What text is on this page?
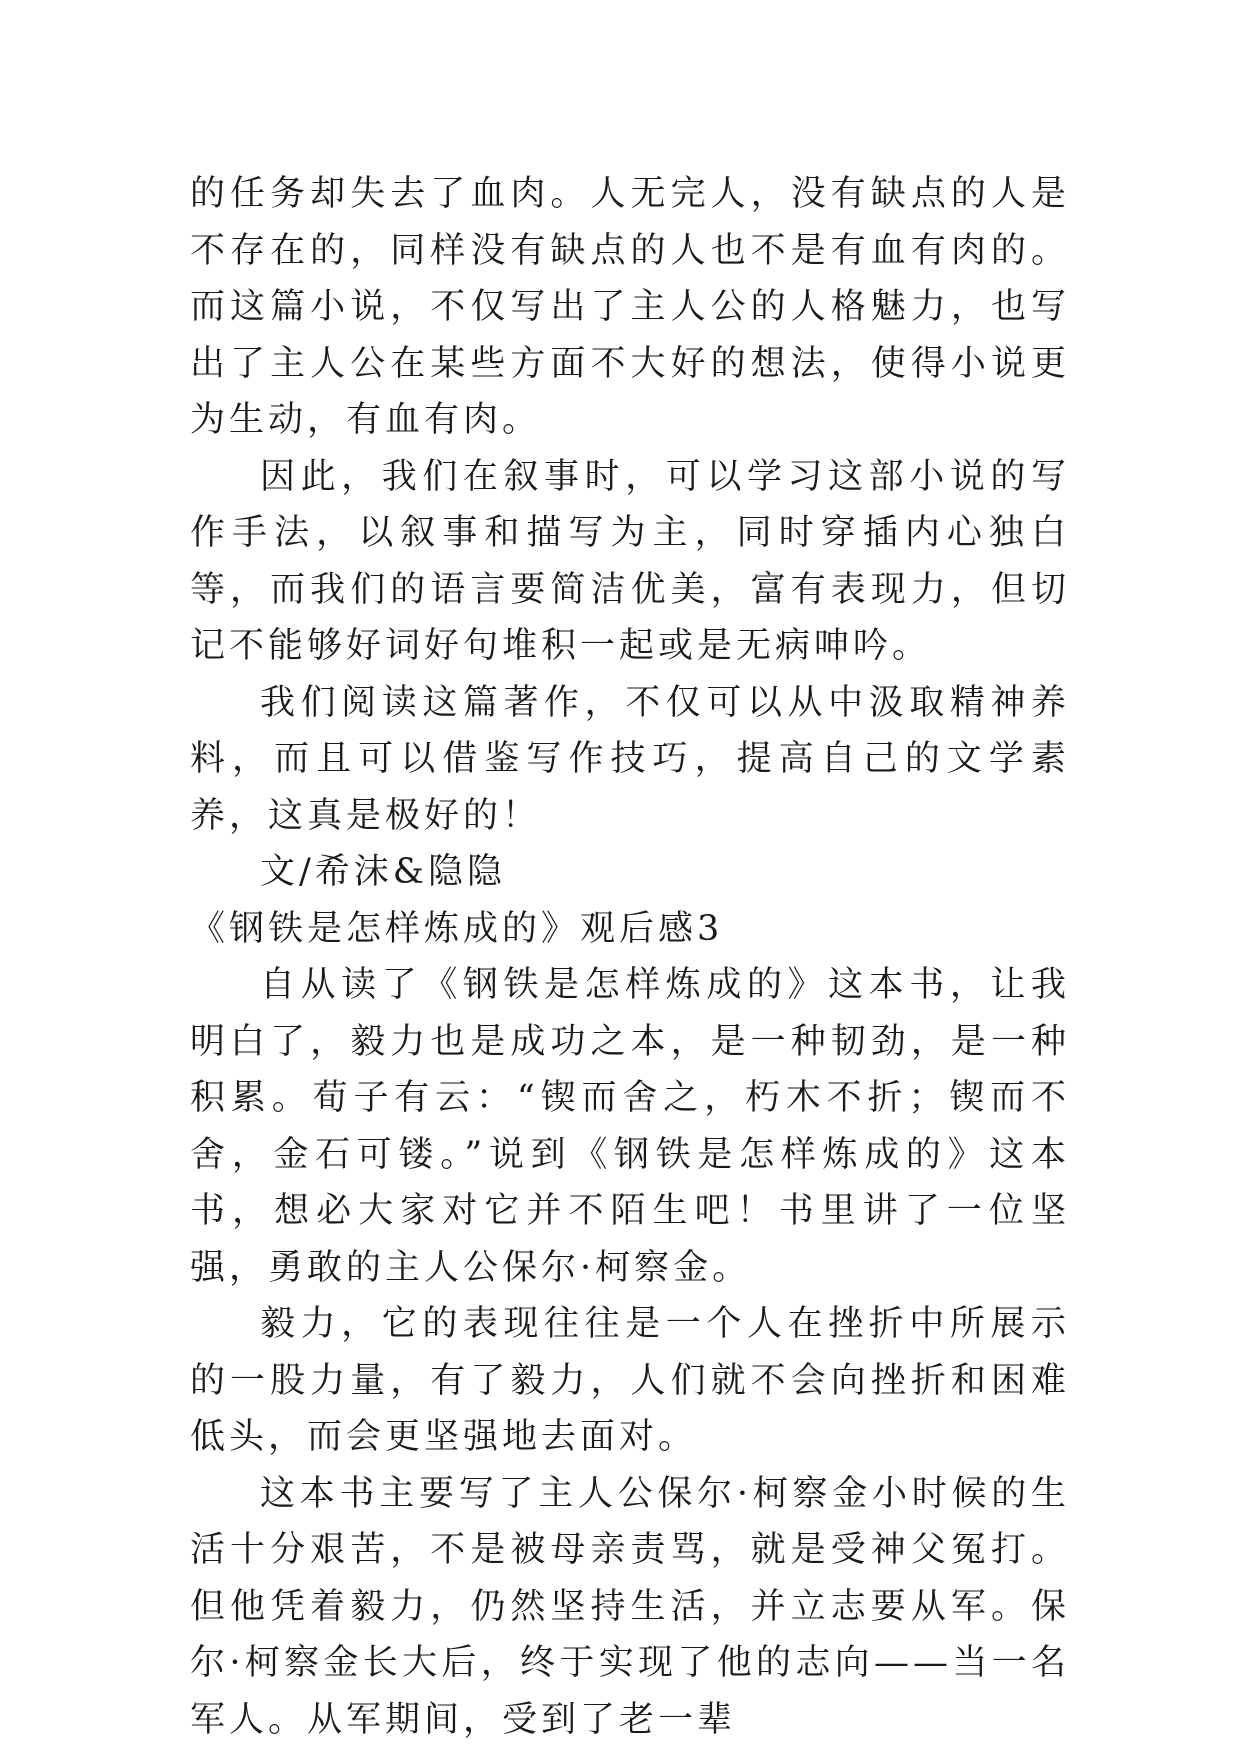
的任务却失去了血肉。人无完人，没有缺点的人是不存在的，同样没有缺点的人也不是有血有肉的。而这篇小说，不仅写出了主人公的人格魅力，也写出了主人公在某些方面不大好的想法，使得小说更为生动，有血有肉。

因此，我们在叙事时，可以学习这部小说的写作手法，以叙事和描写为主，同时穿插内心独白等，而我们的语言要简洁优美，富有表现力，但切记不能够好词好句堆积一起或是无病呻吟。

我们阅读这篇著作，不仅可以从中汲取精神养料，而且可以借鉴写作技巧，提高自己的文学素养，这真是极好的！

文/希沫&隐隐

《钢铁是怎样炼成的》观后感3

自从读了《钢铁是怎样炼成的》这本书，让我明白了，毅力也是成功之本，是一种韧劲，是一种积累。荀子有云：“锲而舍之，朽木不折；锲而不舍，金石可镂。”说到《钢铁是怎样炼成的》这本书，想必大家对它并不陌生吧！书里讲了一位坚强，勇敢的主人公保尔·柯察金。

毅力，它的表现往往是一个人在挫折中所展示的一股力量，有了毅力，人们就不会向挫折和困难低头，而会更坚强地去面对。

这本书主要写了主人公保尔·柯察金小时候的生活十分艰苦，不是被母亲责骂，就是受神父冤打。但他凭着毅力，仍然坚持生活，并立志要从军。保尔·柯察金长大后，终于实现了他的志向——当一名军人。从军期间，受到了老一辈
